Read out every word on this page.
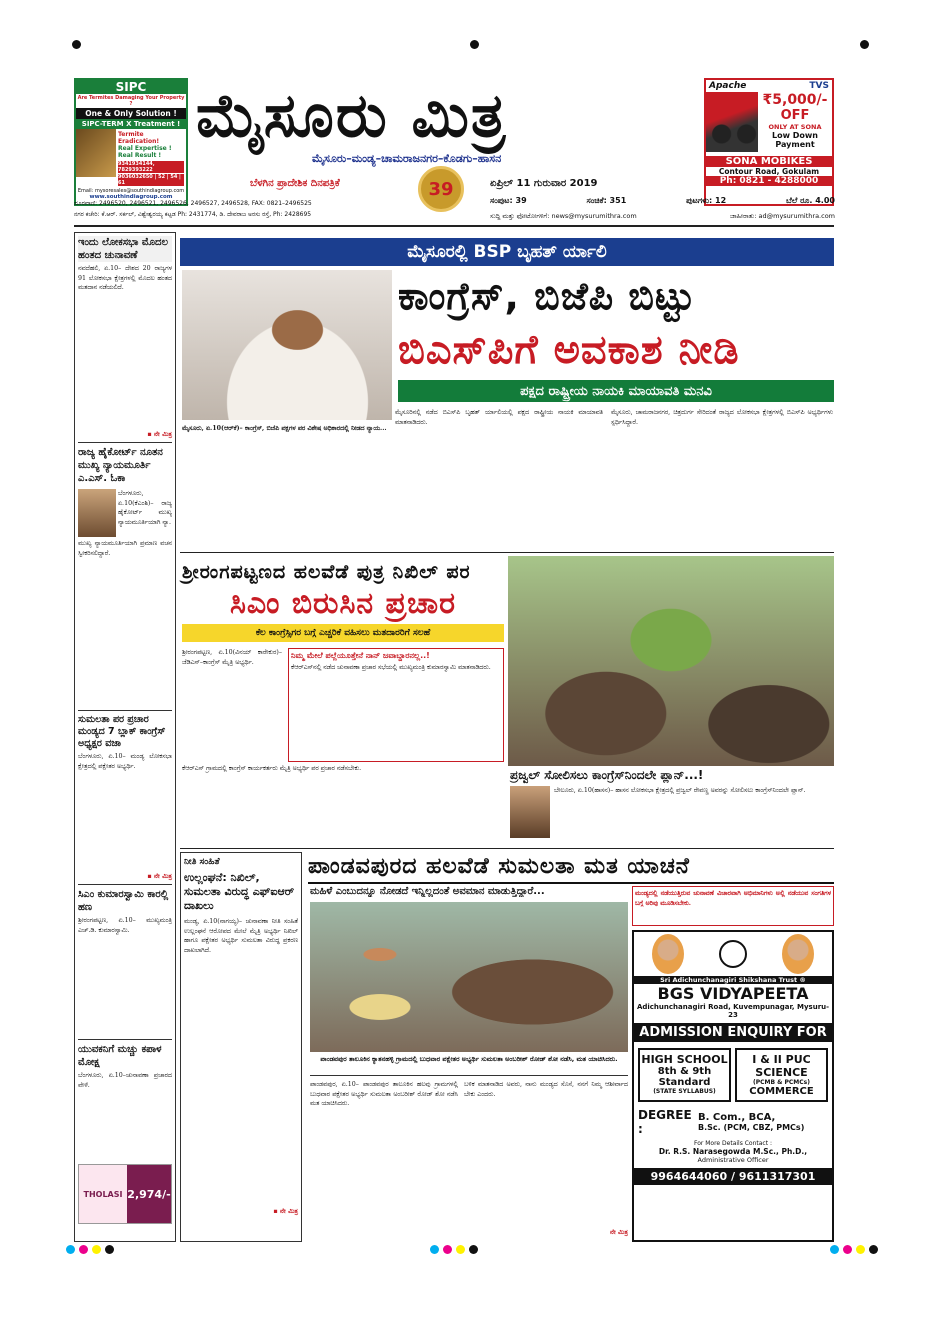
SIPC
Are Termites Damaging Your Property ?
One & Only Solution !
SIPC-TERM X Treatment !
Termite Eradication!
Real Expertise !
Real Result !
9341934144, 7829393222
9036032650 | 52 | 54 | 61
Email: mysoresales@southindiagroup.com
www.southindiagroup.com
ಮೈಸೂರು ಮಿತ್ರ
ಮೈಸೂರು–ಮಂಡ್ಯ–ಚಾಮರಾಜನಗರ–ಕೊಡಗು–ಹಾಸನ
ಬೆಳಗಿನ ಪ್ರಾದೇಶಿಕ ದಿನಪತ್ರಿಕೆ	39	ಏಪ್ರಿಲ್ 11 ಗುರುವಾರ 2019
Apache	TVS
₹5,000/-
OFF
ONLY AT SONA
Low Down Payment
SONA MOBIKES
Contour Road, Gokulam
Ph: 0821 - 4288000
ಸಂಪುಟ: 39	ಸಂಚಿಕೆ: 351	ಪುಟಗಳು: 12	ಬೆಲೆ ರೂ. 4.00
ದೂರವಾಣಿ: 2496520, 2496521, 2496526, 2496527, 2496528, FAX: 0821–2496525
ನಗರ ಕಚೇರಿ: ಕೆ.ಆರ್. ಸರ್ಕಲ್, ವಿಶ್ವೇಶ್ವರಯ್ಯ ಕಟ್ಟಡ Ph: 2431774, ಡಿ. ದೇವರಾಜ ಅರಸು ರಸ್ತೆ, Ph: 2428695	ಸುದ್ದಿ ಮತ್ತು ಫೋಟೋಗಳಿಗೆ: news@mysurumithra.com	ಜಾಹೀರಾತು: ad@mysurumithra.com
ಇಂದು ಲೋಕಸಭಾ ಮೊದಲ ಹಂತದ ಚುನಾವಣೆ
ನವದೆಹಲಿ, ಏ.10– ದೇಶದ 20 ರಾಜ್ಯಗಳ 91 ಲೋಕಸಭಾ ಕ್ಷೇತ್ರಗಳಲ್ಲಿ ಮೊದಲ ಹಂತದ ಮತದಾನ ನಡೆಯಲಿದೆ.
▪ ನೇ ಮಿತ್ರ
ರಾಜ್ಯ ಹೈಕೋರ್ಟ್ ನೂತನ ಮುಖ್ಯ ನ್ಯಾಯಮೂರ್ತಿ ಎ.ಎಸ್. ಓಕಾ
ಬೆಂಗಳೂರು, ಏ.10(ಕೆಎಂಶಿ)– ರಾಜ್ಯ ಹೈಕೋರ್ಟ್ ಮುಖ್ಯ ನ್ಯಾಯಮೂರ್ತಿಯಾಗಿ ನ್ಯಾ.
ಮುಖ್ಯ ನ್ಯಾಯಮೂರ್ತಿಯಾಗಿ ಪ್ರಮಾಣ ವಚನ ಸ್ವೀಕರಿಸಲಿದ್ದಾರೆ.
ಸುಮಲತಾ ಪರ ಪ್ರಚಾರ ಮಂಡ್ಯದ 7 ಬ್ಲಾಕ್ ಕಾಂಗ್ರೆಸ್ ಅಧ್ಯಕ್ಷರ ವಜಾ
ಬೆಂಗಳೂರು, ಏ.10– ಮಂಡ್ಯ ಲೋಕಸಭಾ ಕ್ಷೇತ್ರದಲ್ಲಿ ಪಕ್ಷೇತರ ಅಭ್ಯರ್ಥಿ.
▪ ನೇ ಮಿತ್ರ
ಸಿಎಂ ಕುಮಾರಸ್ವಾಮಿ ಕಾರಲ್ಲಿ ಹಣ
ಶ್ರೀರಂಗಪಟ್ಟಣ, ಏ.10– ಮುಖ್ಯಮಂತ್ರಿ ಎಚ್.ಡಿ. ಕುಮಾರಸ್ವಾಮಿ.
ಯುವಕನಿಗೆ ಮಚ್ಚು ಕಪಾಳ ಮೋಕ್ಷ
ಬೆಂಗಳೂರು, ಏ.10–ಚುನಾವಣಾ ಪ್ರಚಾರದ ವೇಳೆ.
THOLASI 2,974/-
ಮೈಸೂರಲ್ಲಿ BSP ಬೃಹತ್ ರ್ಯಾಲಿ
ಕಾಂಗ್ರೆಸ್, ಬಿಜೆಪಿ ಬಿಟ್ಟು
ಬಿಎಸ್‌ಪಿಗೆ ಅವಕಾಶ ನೀಡಿ
ಪಕ್ಷದ ರಾಷ್ಟ್ರೀಯ ನಾಯಕಿ ಮಾಯಾವತಿ ಮನವಿ
ಮೈಸೂರು, ಏ.10(ಆರ್‌ಕೆ)– ಕಾಂಗ್ರೆಸ್, ಬಿಜೆಪಿ ಪಕ್ಷಗಳ ಪರ ವಿಶೇಷ ಅಧಿಕಾರದಲ್ಲಿ ನೀಡದ ನ್ಯಾಯ...
ಮೈಸೂರಿನಲ್ಲಿ ನಡೆದ ಬಿಎಸ್‌ಪಿ ಬೃಹತ್ ರ್ಯಾಲಿಯಲ್ಲಿ ಪಕ್ಷದ ರಾಷ್ಟ್ರೀಯ ನಾಯಕಿ ಮಾಯಾವತಿ ಮಾತನಾಡಿದರು.
ಮೈಸೂರು, ಚಾಮರಾಜನಗರ, ಚಿತ್ರದುರ್ಗ ಸೇರಿದಂತೆ ರಾಜ್ಯದ ಲೋಕಸಭಾ ಕ್ಷೇತ್ರಗಳಲ್ಲಿ ಬಿಎಸ್‌ಪಿ ಅಭ್ಯರ್ಥಿಗಳು ಸ್ಪರ್ಧಿಸಿದ್ದಾರೆ.
ಶ್ರೀರಂಗಪಟ್ಟಣದ ಹಲವೆಡೆ ಪುತ್ರ ನಿಖಿಲ್ ಪರ
ಸಿಎಂ ಬಿರುಸಿನ ಪ್ರಚಾರ
ಕೆಲ ಕಾಂಗ್ರೆಸ್ಸಿಗರ ಬಗ್ಗೆ ಎಚ್ಚರಿಕೆ ವಹಿಸಲು ಮತದಾರರಿಗೆ ಸಲಹೆ
ಶ್ರೀರಂಗಪಟ್ಟಣ, ಏ.10(ವಿನಯ್ ಕಾರೇಕುರ)–ಜೆಡಿಎಸ್–ಕಾಂಗ್ರೆಸ್ ಮೈತ್ರಿ ಅಭ್ಯರ್ಥಿ.
ನಿಮ್ಮ ಮೇಲೆ ಪಲ್ಲೆಯೂತ್ತೇನೆ ನಾನ್ ಜವಾಬ್ದಾರನಲ್ಲ..!
ಕೆಆರ್‌ಎಸ್‌ನಲ್ಲಿ ನಡೆದ ಚುನಾವಣಾ ಪ್ರಚಾರ ಸಭೆಯಲ್ಲಿ ಮುಖ್ಯಮಂತ್ರಿ ಕುಮಾರಸ್ವಾಮಿ ಮಾತನಾಡಿದರು.
ಕೆಆರ್‌ಎಸ್ ಗ್ರಾಮದಲ್ಲಿ ಕಾಂಗ್ರೆಸ್ ಕಾರ್ಯಕರ್ತರು ಮೈತ್ರಿ ಅಭ್ಯರ್ಥಿ ಪರ ಪ್ರಚಾರ ನಡೆಸಬೇಕು.	ಪ್ರಜ್ವಲ್ ಸೋಲಿಸಲು ಕಾಂಗ್ರೆಸ್‌ನಿಂದಲೇ ಪ್ಲಾನ್...!
ಬೇಲೂರು, ಏ.10(ಹಾಸನ)– ಹಾಸನ ಲೋಕಸಭಾ ಕ್ಷೇತ್ರದಲ್ಲಿ ಪ್ರಜ್ವಲ್ ರೇವಣ್ಣ ಅವರನ್ನು ಸೋಲಿಸಲು ಕಾಂಗ್ರೆಸ್‌ನಿಂದಲೇ ಪ್ಲಾನ್.
ನೀತಿ ಸಂಹಿತೆ
ಉಲ್ಲಂಘನೆ: ನಿಖಿಲ್, ಸುಮಲತಾ ವಿರುದ್ಧ ಎಫ್‌ಐಆರ್ ದಾಖಲು
ಮಂಡ್ಯ, ಏ.10(ನಾಗಯ್ಯ)– ಚುನಾವಣಾ ನೀತಿ ಸಂಹಿತೆ ಉಲ್ಲಂಘನೆ ಆರೋಪದ ಮೇಲೆ ಮೈತ್ರಿ ಅಭ್ಯರ್ಥಿ ನಿಖಿಲ್ ಹಾಗೂ ಪಕ್ಷೇತರ ಅಭ್ಯರ್ಥಿ ಸುಮಲತಾ ವಿರುದ್ಧ ಪ್ರಕರಣ ದಾಖಲಾಗಿದೆ.
▪ ನೇ ಮಿತ್ರ
ಪಾಂಡವಪುರದ ಹಲವೆಡೆ ಸುಮಲತಾ ಮತ ಯಾಚನೆ
ಮಹಿಳೆ ಎಂಬುದನ್ನೂ ನೋಡದೆ ಇನ್ನಿಲ್ಲದಂತೆ ಅವಮಾನ ಮಾಡುತ್ತಿದ್ದಾರೆ...
ಪಾಂಡವಪುರ ತಾಲೂಕಿನ ಕ್ಯಾತನಹಳ್ಳಿ ಗ್ರಾಮದಲ್ಲಿ ಬುಧವಾರ ಪಕ್ಷೇತರ ಅಭ್ಯರ್ಥಿ ಸುಮಲತಾ ಅಂಬರೀಶ್ ರೋಡ್ ಶೋ ನಡೆಸಿ, ಮತ ಯಾಚಿಸಿದರು.
ಮಂಡ್ಯದಲ್ಲಿ ನಡೆಯುತ್ತಿರುವ ಚುನಾವಣೆ ವಿಚಾರವಾಗಿ ಅಭಿಮಾನಿಗಳು ಅಲ್ಲಿ ನಡೆಯುವ ಸಂಗತಿಗಳ ಬಗ್ಗೆ ಅರಿವು ಮೂಡಿಸಬೇಕು.
ಪಾಂಡವಪುರ, ಏ.10– ಪಾಂಡವಪುರ ತಾಲೂಕಿನ ಹಲವು ಗ್ರಾಮಗಳಲ್ಲಿ ಬುಧವಾರ ಪಕ್ಷೇತರ ಅಭ್ಯರ್ಥಿ ಸುಮಲತಾ ಅಂಬರೀಶ್ ರೋಡ್ ಶೋ ನಡೆಸಿ ಮತ ಯಾಚಿಸಿದರು.
ಬಳಿಕ ಮಾತನಾಡಿದ ಅವರು, ನಾನು ಮಂಡ್ಯದ ಸೊಸೆ, ನನಗೆ ನಿಮ್ಮ ಆಶೀರ್ವಾದ ಬೇಕು ಎಂದರು.
ನೇ ಮಿತ್ರ
Sri Adichunchanagiri Shikshana Trust ®
BGS VIDYAPEETA
Adichunchanagiri Road, Kuvempunagar, Mysuru-23
ADMISSION ENQUIRY FOR
HIGH SCHOOL
8th & 9th Standard
(STATE SYLLABUS)
I & II PUC
SCIENCE
(PCMB & PCMCs)
COMMERCE
DEGREE :
B. Com., BCA,
B.Sc. (PCM, CBZ, PMCs)
For More Details Contact :
Dr. R.S. Narasegowda M.Sc., Ph.D.,
Administrative Officer
9964644060 / 9611317301
